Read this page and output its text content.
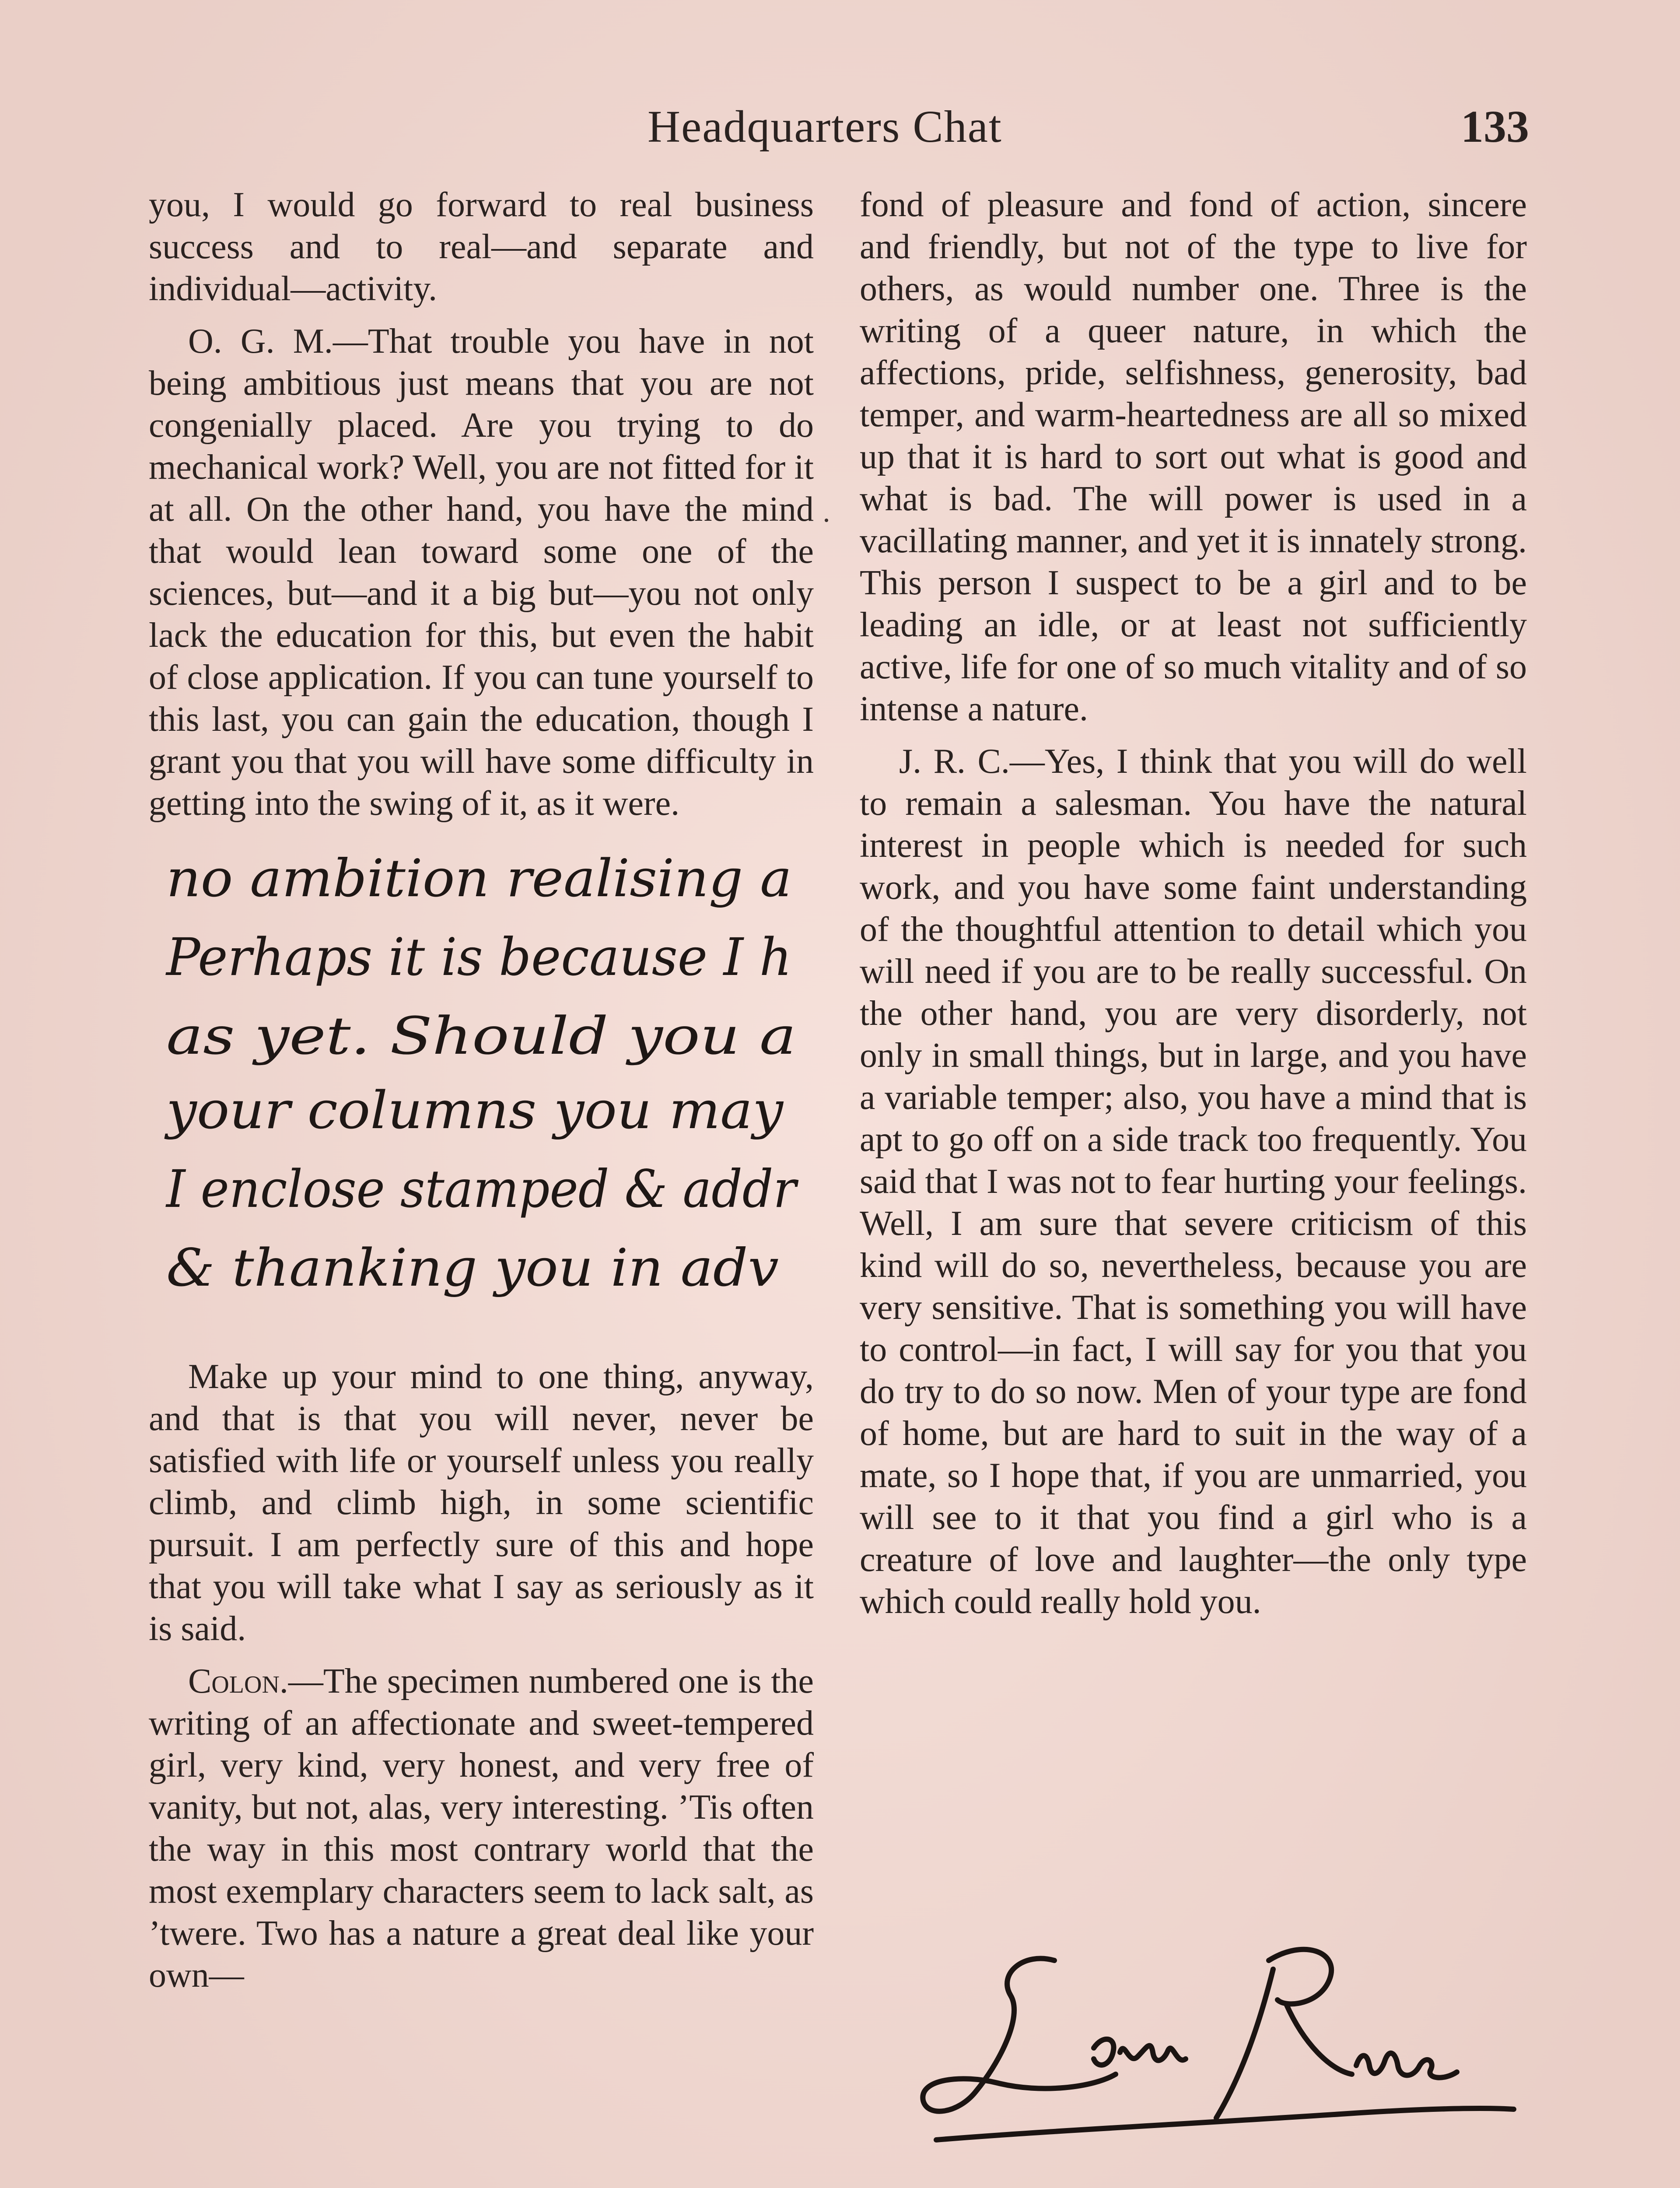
Headquarters Chat	133

you, I would go forward to real business success and to real—and separate and individual—activity.

O. G. M.—That trouble you have in not being ambitious just means that you are not congenially placed. Are you trying to do mechanical work? Well, you are not fitted for it at all. On the other hand, you have the mind that would lean toward some one of the sciences, but—and it a big but—you not only lack the education for this, but even the habit of close application. If you can tune yourself to this last, you can gain the education, though I grant you that you will have some difficulty in getting into the swing of it, as it were.

no ambition realising a
Perhaps it is because I h
as yet. Should you a
your columns you may
I enclose stamped & addr
& thanking you in adv

Make up your mind to one thing, anyway, and that is that you will never, never be satisfied with life or yourself unless you really climb, and climb high, in some scientific pursuit. I am perfectly sure of this and hope that you will take what I say as seriously as it is said.

Colon.—The specimen numbered one is the writing of an affectionate and sweet-tempered girl, very kind, very honest, and very free of vanity, but not, alas, very interesting. ’Tis often the way in this most contrary world that the most exemplary characters seem to lack salt, as ’twere. Two has a nature a great deal like your own—

fond of pleasure and fond of action, sincere and friendly, but not of the type to live for others, as would number one. Three is the writing of a queer nature, in which the affections, pride, selfishness, generosity, bad temper, and warm-heartedness are all so mixed up that it is hard to sort out what is good and what is bad. The will power is used in a vacillating manner, and yet it is innately strong. This person I suspect to be a girl and to be leading an idle, or at least not sufficiently active, life for one of so much vitality and of so intense a nature.

J. R. C.—Yes, I think that you will do well to remain a salesman. You have the natural interest in people which is needed for such work, and you have some faint understanding of the thoughtful attention to detail which you will need if you are to be really successful. On the other hand, you are very disorderly, not only in small things, but in large, and you have a variable temper; also, you have a mind that is apt to go off on a side track too frequently. You said that I was not to fear hurting your feelings. Well, I am sure that severe criticism of this kind will do so, nevertheless, because you are very sensitive. That is something you will have to control—in fact, I will say for you that you do try to do so now. Men of your type are fond of home, but are hard to suit in the way of a mate, so I hope that, if you are unmarried, you will see to it that you find a girl who is a creature of love and laughter—the only type which could really hold you.

Louise Rice
